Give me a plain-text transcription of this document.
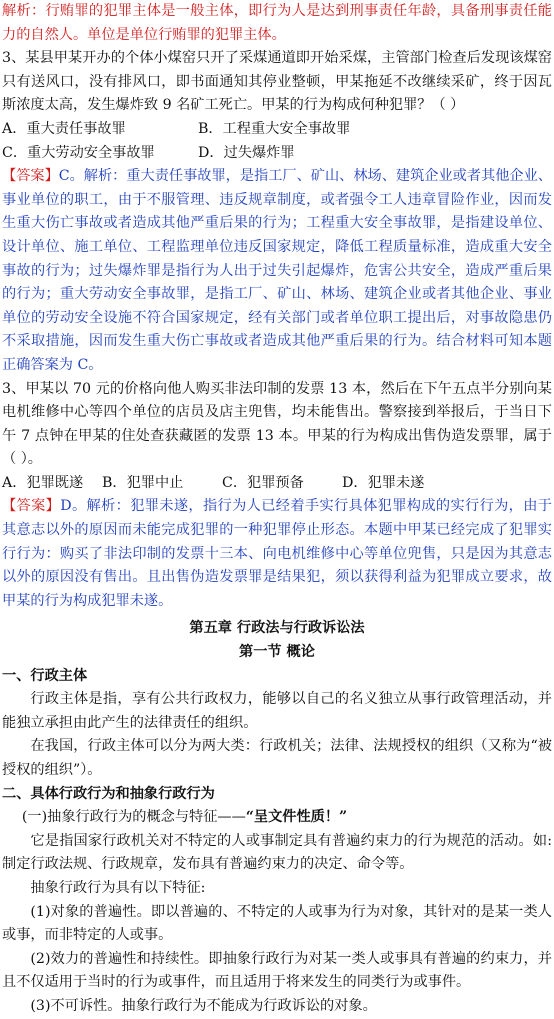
解析：行贿罪的犯罪主体是一般主体，即行为人是达到刑事责任年龄，具备刑事责任能力的自然人。单位是单位行贿罪的犯罪主体。

3、某县甲某开办的个体小煤窑只开了采煤通道即开始采煤，主管部门检查后发现该煤窑只有送风口，没有排风口，即书面通知其停业整顿，甲某拖延不改继续采矿，终于因瓦斯浓度太高，发生爆炸致 9 名矿工死亡。甲某的行为构成何种犯罪？（ ）

A．重大责任事故罪	B．工程重大安全事故罪
C．重大劳动安全事故罪	D．过失爆炸罪

【答案】C。解析：重大责任事故罪，是指工厂、矿山、林场、建筑企业或者其他企业、事业单位的职工，由于不服管理、违反规章制度，或者强令工人违章冒险作业，因而发生重大伤亡事故或者造成其他严重后果的行为；工程重大安全事故罪，是指建设单位、设计单位、施工单位、工程监理单位违反国家规定，降低工程质量标准，造成重大安全事故的行为；过失爆炸罪是指行为人出于过失引起爆炸，危害公共安全，造成严重后果的行为；重大劳动安全事故罪，是指工厂、矿山、林场、建筑企业或者其他企业、事业单位的劳动安全设施不符合国家规定，经有关部门或者单位职工提出后，对事故隐患仍不采取措施，因而发生重大伤亡事故或者造成其他严重后果的行为。结合材料可知本题正确答案为 C。

3、甲某以 70 元的价格向他人购买非法印制的发票 13 本，然后在下午五点半分别向某电机维修中心等四个单位的店员及店主兜售，均未能售出。警察接到举报后，于当日下午 7 点钟在甲某的住处查获藏匿的发票 13 本。甲某的行为构成出售伪造发票罪，属于（ ）。

A．犯罪既遂 B．犯罪中止	C．犯罪预备	D．犯罪未遂

【答案】D。解析：犯罪未遂，指行为人已经着手实行具体犯罪构成的实行行为，由于其意志以外的原因而未能完成犯罪的一种犯罪停止形态。本题中甲某已经完成了犯罪实行行为：购买了非法印制的发票十三本、向电机维修中心等单位兜售，只是因为其意志以外的原因没有售出。且出售伪造发票罪是结果犯，须以获得利益为犯罪成立要求，故甲某的行为构成犯罪未遂。

第五章 行政法与行政诉讼法

第一节 概论

一、行政主体

行政主体是指，享有公共行政权力，能够以自己的名义独立从事行政管理活动，并能独立承担由此产生的法律责任的组织。

在我国，行政主体可以分为两大类：行政机关；法律、法规授权的组织（又称为“被授权的组织”）。

二、具体行政行为和抽象行政行为

(一)抽象行政行为的概念与特征——“呈文件性质！”

它是指国家行政机关对不特定的人或事制定具有普遍约束力的行为规范的活动。如:制定行政法规、行政规章，发布具有普遍约束力的决定、命令等。

抽象行政行为具有以下特征:

(1)对象的普遍性。即以普遍的、不特定的人或事为行为对象，其针对的是某一类人或事，而非特定的人或事。

(2)效力的普遍性和持续性。即抽象行政行为对某一类人或事具有普遍的约束力，并且不仅适用于当时的行为或事件，而且适用于将来发生的同类行为或事件。

(3)不可诉性。抽象行政行为不能成为行政诉讼的对象。
